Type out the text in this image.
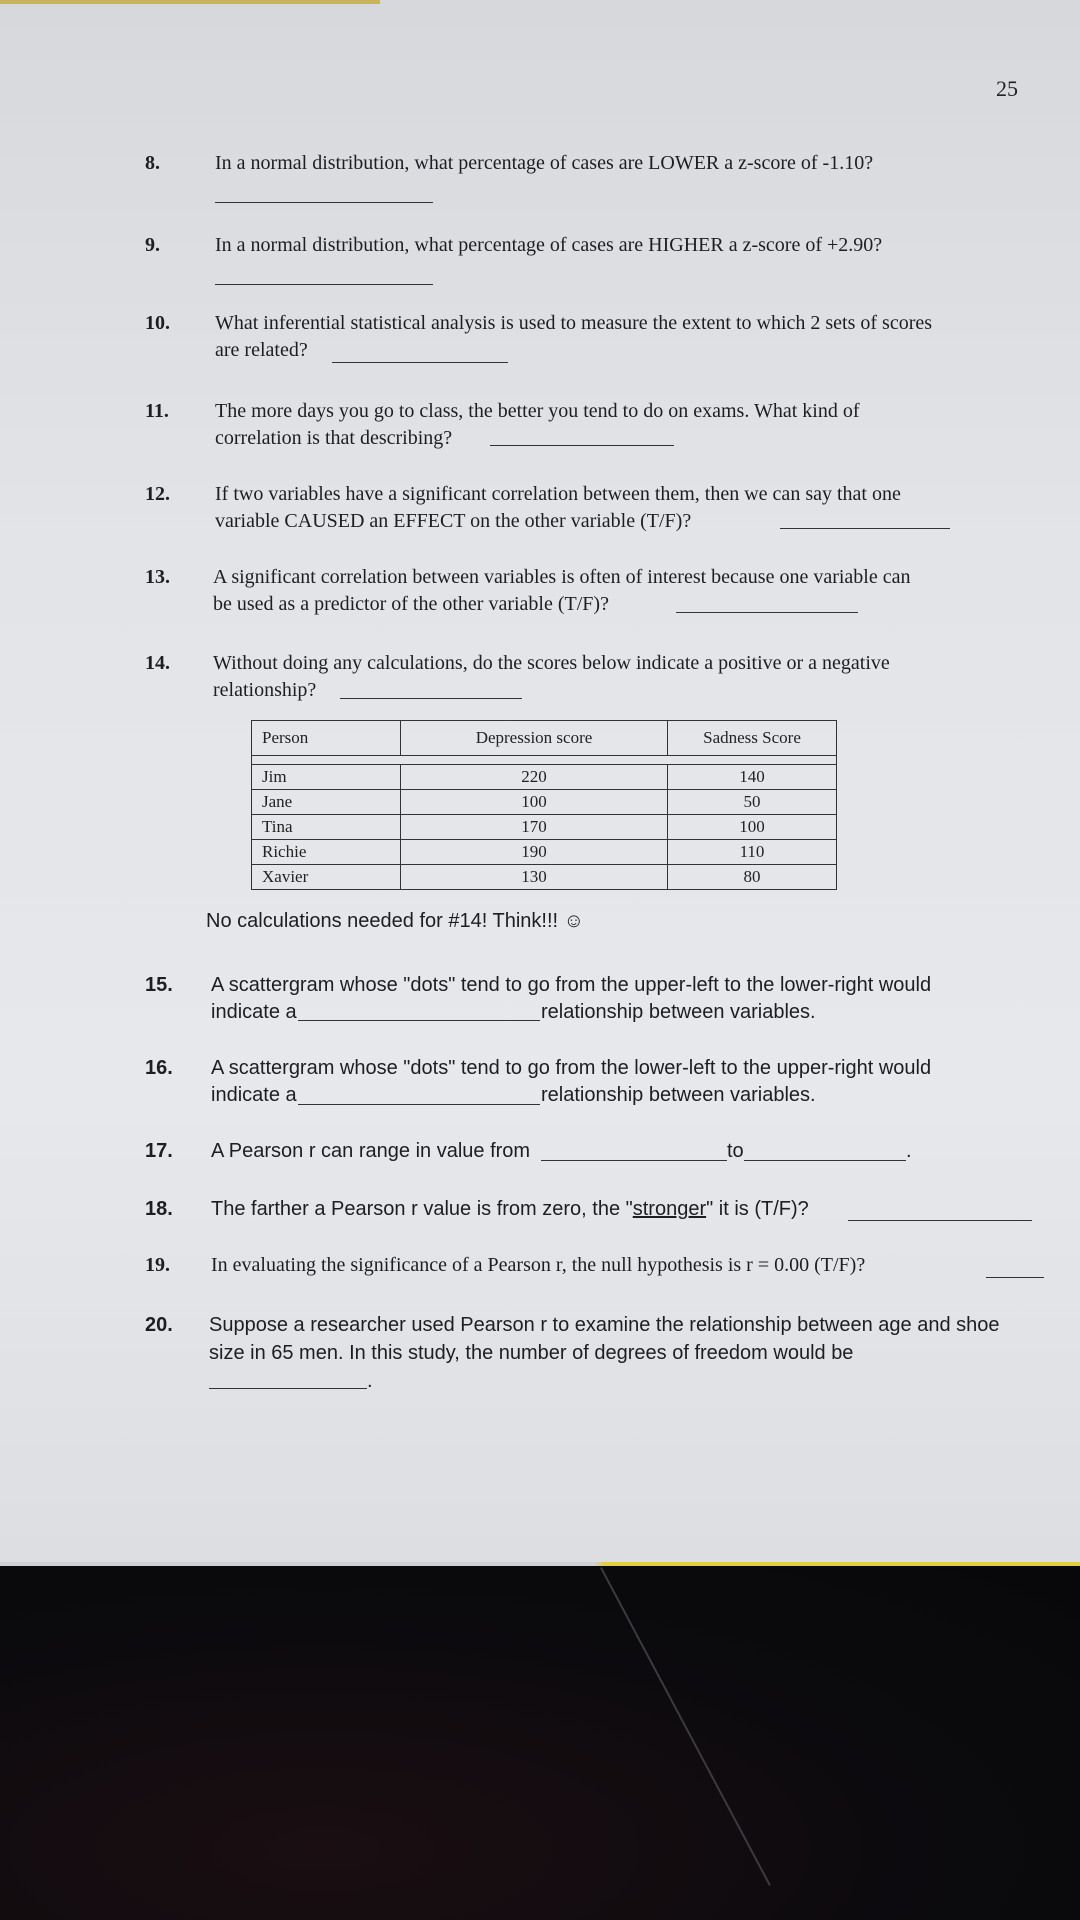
25
8.	In a normal distribution, what percentage of cases are LOWER a z-score of -1.10?
9.	In a normal distribution, what percentage of cases are HIGHER a z-score of +2.90?
10.	What inferential statistical analysis is used to measure the extent to which 2 sets of scores
are related?
11.	The more days you go to class, the better you tend to do on exams. What kind of
correlation is that describing?
12.	If two variables have a significant correlation between them, then we can say that one
variable CAUSED an EFFECT on the other variable (T/F)?
13.	A significant correlation between variables is often of interest because one variable can
be used as a predictor of the other variable (T/F)?
14.	Without doing any calculations, do the scores below indicate a positive or a negative
relationship?
Person	Depression score	Sadness Score

Jim	220	140
Jane	100	50
Tina	170	100
Richie	190	110
Xavier	130	80
No calculations needed for #14! Think!!! ☺
15.	A scattergram whose "dots" tend to go from the upper-left to the lower-right would
indicate a	relationship between variables.
16.	A scattergram whose "dots" tend to go from the lower-left to the upper-right would
indicate a	relationship between variables.
17.	A Pearson r can range in value from	to	.
18.	The farther a Pearson r value is from zero, the "stronger" it is (T/F)?
19.	In evaluating the significance of a Pearson r, the null hypothesis is r = 0.00 (T/F)?
20.	Suppose a researcher used Pearson r to examine the relationship between age and shoe
size in 65 men. In this study, the number of degrees of freedom would be
.
